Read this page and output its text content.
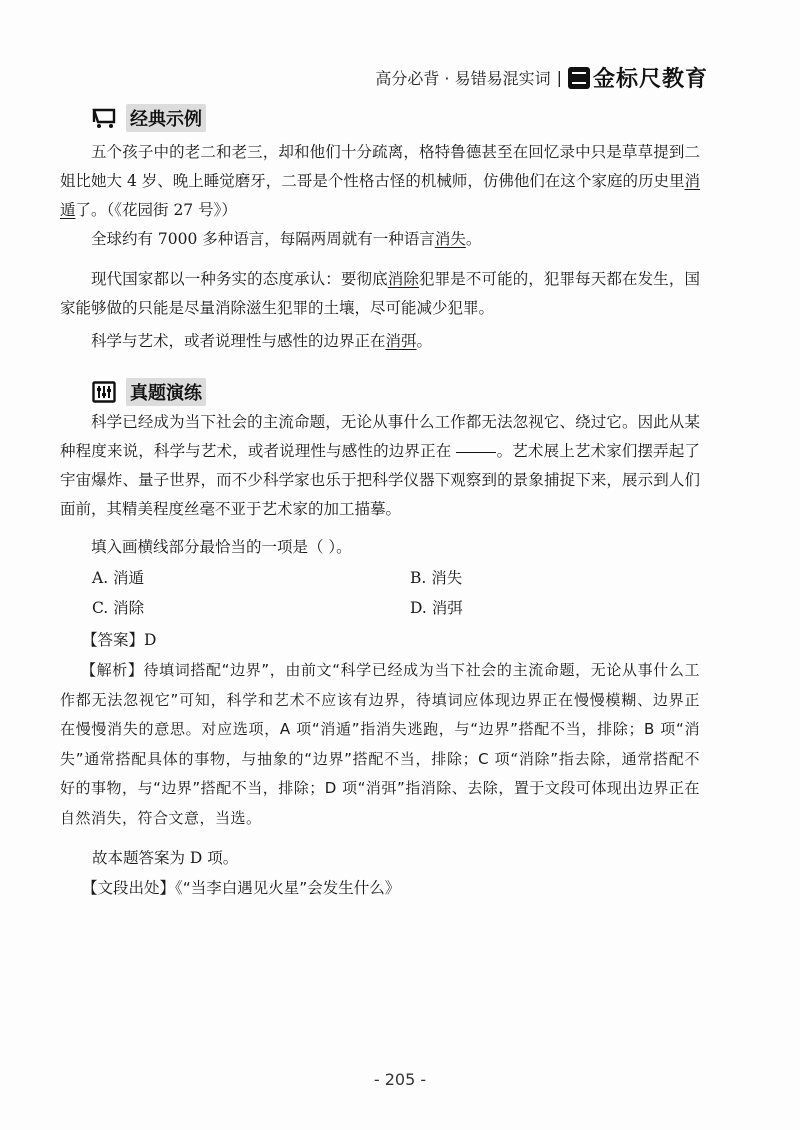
高分必背 · 易错易混实词 | 金标尺教育
经典示例

五个孩子中的老二和老三，却和他们十分疏离，格特鲁德甚至在回忆录中只是草草提到二姐比她大 4 岁、晚上睡觉磨牙，二哥是个性格古怪的机械师，仿佛他们在这个家庭的历史里消遁了。（《花园街 27 号》）

全球约有 7000 多种语言，每隔两周就有一种语言消失。

现代国家都以一种务实的态度承认：要彻底消除犯罪是不可能的，犯罪每天都在发生，国家能够做的只能是尽量消除滋生犯罪的土壤，尽可能减少犯罪。

科学与艺术，或者说理性与感性的边界正在消弭。

真题演练

科学已经成为当下社会的主流命题，无论从事什么工作都无法忽视它、绕过它。因此从某种程度来说，科学与艺术，或者说理性与感性的边界正在	。艺术展上艺术家们摆弄起了宇宙爆炸、量子世界，而不少科学家也乐于把科学仪器下观察到的景象捕捉下来，展示到人们面前，其精美程度丝毫不亚于艺术家的加工描摹。

填入画横线部分最恰当的一项是（ ）。

A. 消遁	B. 消失

C. 消除	D. 消弭

【答案】D

【解析】待填词搭配“边界”，由前文“科学已经成为当下社会的主流命题，无论从事什么工作都无法忽视它”可知，科学和艺术不应该有边界，待填词应体现边界正在慢慢模糊、边界正在慢慢消失的意思。对应选项，A 项“消遁”指消失逃跑，与“边界”搭配不当，排除；B 项“消失”通常搭配具体的事物，与抽象的“边界”搭配不当，排除；C 项“消除”指去除，通常搭配不好的事物，与“边界”搭配不当，排除；D 项“消弭”指消除、去除，置于文段可体现出边界正在自然消失，符合文意，当选。

故本题答案为 D 项。

【文段出处】《“当李白遇见火星”会发生什么》

- 205 -
